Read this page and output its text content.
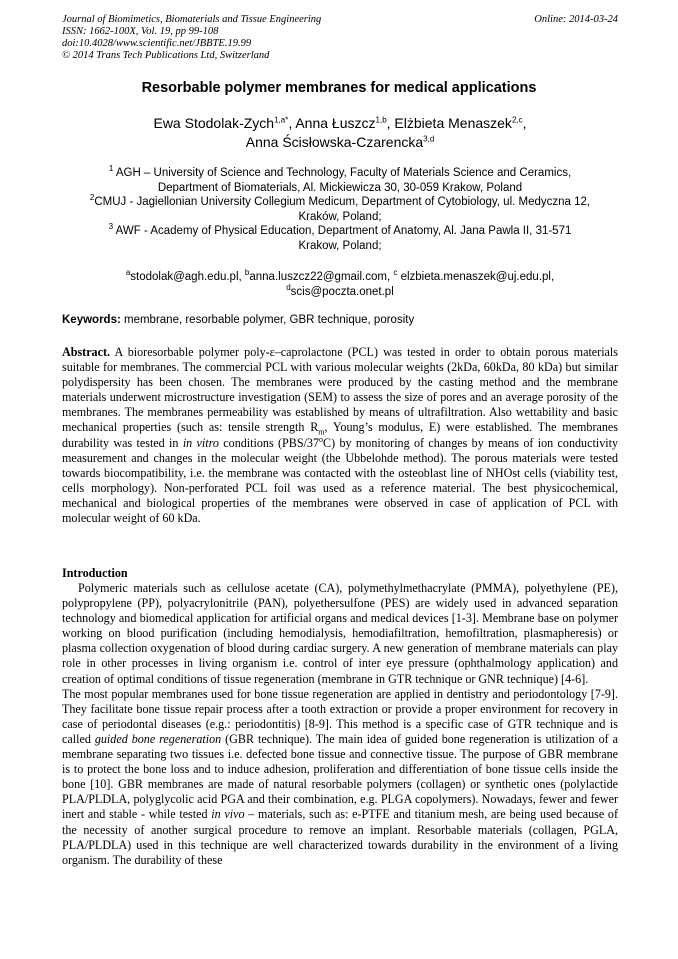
Journal of Biomimetics, Biomaterials and Tissue Engineering
ISSN: 1662-100X, Vol. 19, pp 99-108
doi:10.4028/www.scientific.net/JBBTE.19.99
© 2014 Trans Tech Publications Ltd, Switzerland
Online: 2014-03-24
Resorbable polymer membranes for medical applications
Ewa Stodolak-Zych$^{1,a*}$, Anna Łuszcz$^{1,b}$, Elżbieta Menaszek$^{2,c}$,
Anna Ścisłowska-Czarencka$^{3,d}$

$^1$ AGH – University of Science and Technology, Faculty of Materials Science and Ceramics,

Department of Biomaterials, Al. Mickiewicza 30, 30-059 Krakow, Poland

$^2$CMUJ - Jagiellonian University Collegium Medicum, Department of Cytobiology, ul. Medyczna 12,

Kraków, Poland;

$^3$ AWF - Academy of Physical Education, Department of Anatomy, Al. Jana Pawla II, 31-571

Krakow, Poland;

$^a$stodolak@agh.edu.pl, $^b$anna.luszcz22@gmail.com, $^c$ elzbieta.menaszek@uj.edu.pl,

$^d$scis@poczta.onet.pl

Keywords: membrane, resorbable polymer, GBR technique, porosity
Abstract. A bioresorbable polymer poly-ε–caprolactone (PCL) was tested in order to obtain porous materials suitable for membranes. The commercial PCL with various molecular weights (2kDa, 60kDa, 80 kDa) but similar polydispersity has been chosen. The membranes were produced by the casting method and the membrane materials underwent microstructure investigation (SEM) to assess the size of pores and an average porosity of the membranes. The membranes permeability was established by means of ultrafiltration. Also wettability and basic mechanical properties (such as: tensile strength $R_m$, Young’s modulus, E) were established. The membranes durability was tested in in vitro conditions (PBS/37$^o$C) by monitoring of changes by means of ion conductivity measurement and changes in the molecular weight (the Ubbelohde method). The porous materials were tested towards biocompatibility, i.e. the membrane was contacted with the osteoblast line of NHOst cells (viability test, cells morphology). Non-perforated PCL foil was used as a reference material. The best physicochemical, mechanical and biological properties of the membranes were observed in case of application of PCL with molecular weight of 60 kDa.
Introduction

Polymeric materials such as cellulose acetate (CA), polymethylmethacrylate (PMMA), polyethylene (PE), polypropylene (PP), polyacrylonitrile (PAN), polyethersulfone (PES) are widely used in advanced separation technology and biomedical application for artificial organs and medical devices [1-3]. Membrane base on polymer working on blood purification (including hemodialysis, hemodiafiltration, hemofiltration, plasmapheresis) or plasma collection oxygenation of blood during cardiac surgery. A new generation of membrane materials can play role in other processes in living organism i.e. control of inter eye pressure (ophthalmology application) and creation of optimal conditions of tissue regeneration (membrane in GTR technique or GNR technique) [4-6].

The most popular membranes used for bone tissue regeneration are applied in dentistry and periodontology [7-9]. They facilitate bone tissue repair process after a tooth extraction or provide a proper environment for recovery in case of periodontal diseases (e.g.: periodontitis) [8-9]. This method is a specific case of GTR technique and is called guided bone regeneration (GBR technique). The main idea of guided bone regeneration is utilization of a membrane separating two tissues i.e. defected bone tissue and connective tissue. The purpose of GBR membrane is to protect the bone loss and to induce adhesion, proliferation and differentiation of bone tissue cells inside the bone [10]. GBR membranes are made of natural resorbable polymers (collagen) or synthetic ones (polylactide PLA/PLDLA, polyglycolic acid PGA and their combination, e.g. PLGA copolymers). Nowadays, fewer and fewer inert and stable - while tested in vivo – materials, such as: e-PTFE and titanium mesh, are being used because of the necessity of another surgical procedure to remove an implant. Resorbable materials (collagen, PGLA, PLA/PLDLA) used in this technique are well characterized towards durability in the environment of a living organism. The durability of these
